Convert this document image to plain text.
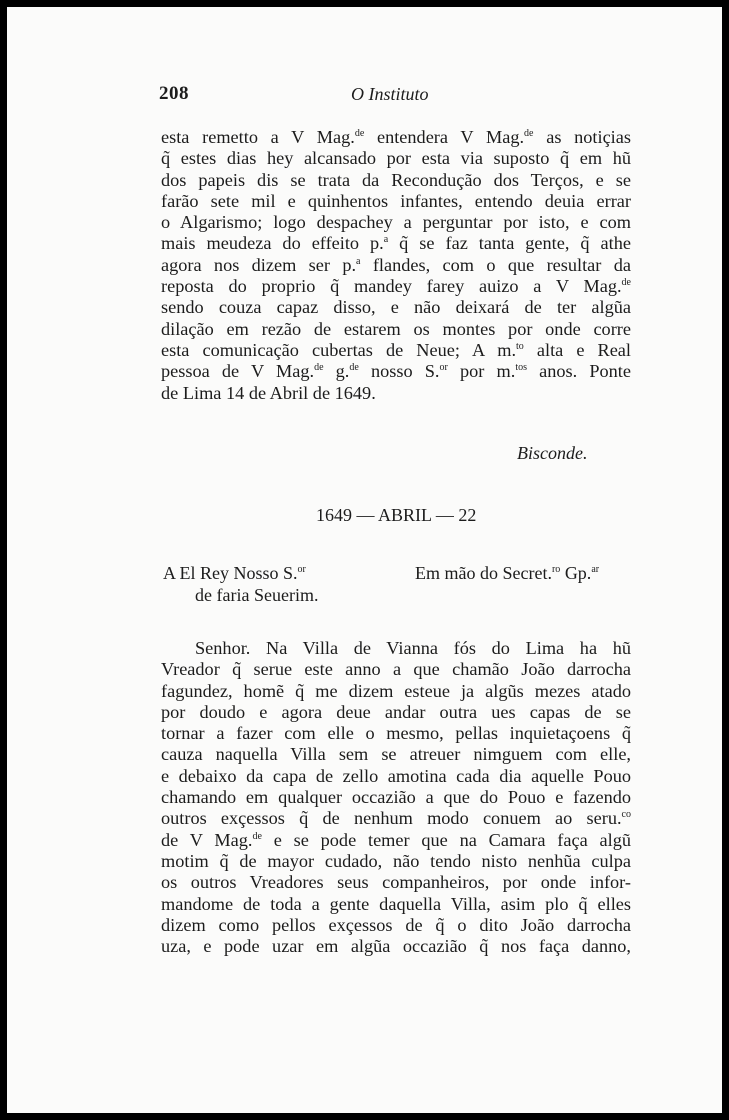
208	O Instituto
esta remetto a V Mag.$^{de}$ entendera V Mag.$^{de}$ as notiçias
q̃ estes dias hey alcansado por esta via suposto q̃ em hũ
dos papeis dis se trata da Recondução dos Terços, e se
farão sete mil e quinhentos infantes, entendo deuia errar
o Algarismo; logo despachey a perguntar por isto, e com
mais meudeza do effeito p.$^a$ q̃ se faz tanta gente, q̃ athe
agora nos dizem ser p.$^a$ flandes, com o que resultar da
reposta do proprio q̃ mandey farey auizo a V Mag.$^{de}$
sendo couza capaz disso, e não deixará de ter algũa
dilação em rezão de estarem os montes por onde corre
esta comunicação cubertas de Neue; A m.$^{to}$ alta e Real
pessoa de V Mag.$^{de}$ g.$^{de}$ nosso S.$^{or}$ por m.$^{tos}$ anos. Ponte
de Lima 14 de Abril de 1649.
Bisconde.
1649 — ABRIL — 22
A El Rey Nosso S.$^{or}$
de faria Seuerim.
Em mão do Secret.$^{ro}$ Gp.$^{ar}$
Senhor. Na Villa de Vianna fós do Lima ha hũ
Vreador q̃ serue este anno a que chamão João darrocha
fagundez, homẽ q̃ me dizem esteue ja algũs mezes atado
por doudo e agora deue andar outra ues capas de se
tornar a fazer com elle o mesmo, pellas inquietaçoens q̃
cauza naquella Villa sem se atreuer nimguem com elle,
e debaixo da capa de zello amotina cada dia aquelle Pouo
chamando em qualquer occazião a que do Pouo e fazendo
outros exçessos q̃ de nenhum modo conuem ao seru.$^{co}$
de V Mag.$^{de}$ e se pode temer que na Camara faça algũ
motim q̃ de mayor cudado, não tendo nisto nenhũa culpa
os outros Vreadores seus companheiros, por onde infor-
mandome de toda a gente daquella Villa, asim plo q̃ elles
dizem como pellos exçessos de q̃ o dito João darrocha
uza, e pode uzar em algũa occazião q̃ nos faça danno,
